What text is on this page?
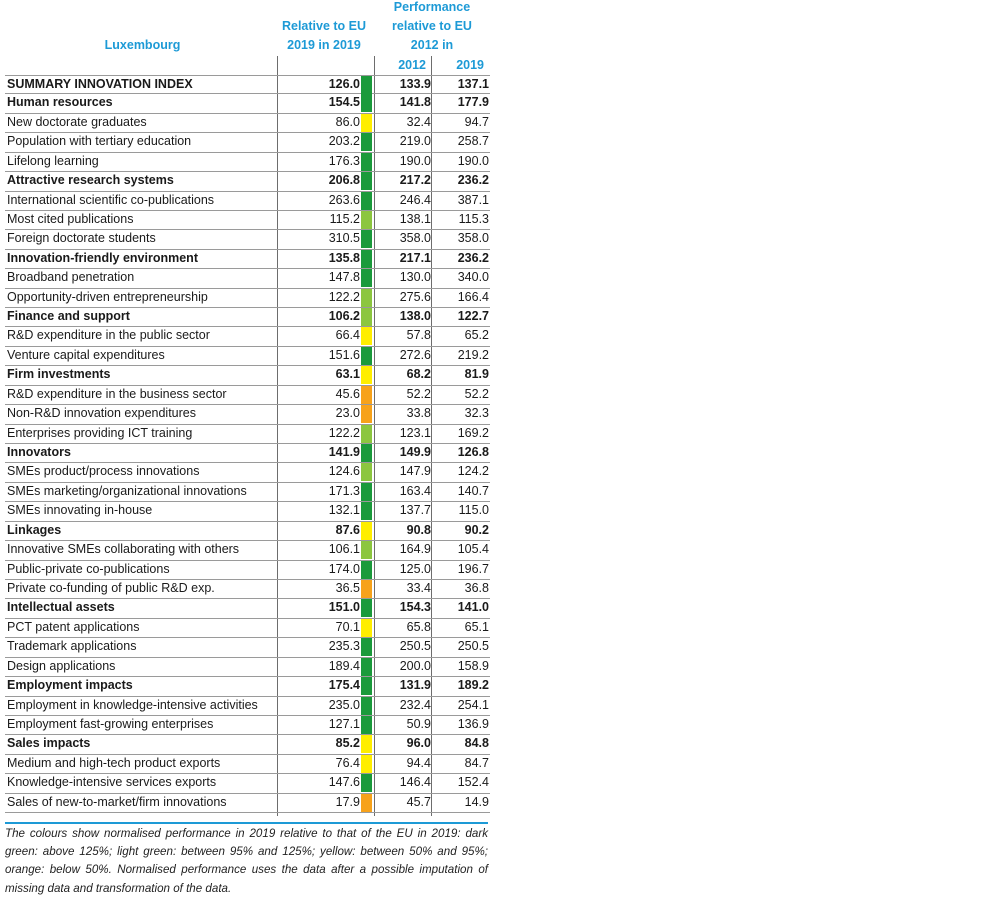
Luxembourg
Relative to EU 2019 in 2019
Performance relative to EU 2012 in
2012	2019
SUMMARY INNOVATION INDEX	126.0	133.9	137.1
Human resources	154.5	141.8	177.9
New doctorate graduates	86.0	32.4	94.7
Population with tertiary education	203.2	219.0	258.7
Lifelong learning	176.3	190.0	190.0
Attractive research systems	206.8	217.2	236.2
International scientific co-publications	263.6	246.4	387.1
Most cited publications	115.2	138.1	115.3
Foreign doctorate students	310.5	358.0	358.0
Innovation-friendly environment	135.8	217.1	236.2
Broadband penetration	147.8	130.0	340.0
Opportunity-driven entrepreneurship	122.2	275.6	166.4
Finance and support	106.2	138.0	122.7
R&D expenditure in the public sector	66.4	57.8	65.2
Venture capital expenditures	151.6	272.6	219.2
Firm investments	63.1	68.2	81.9
R&D expenditure in the business sector	45.6	52.2	52.2
Non-R&D innovation expenditures	23.0	33.8	32.3
Enterprises providing ICT training	122.2	123.1	169.2
Innovators	141.9	149.9	126.8
SMEs product/process innovations	124.6	147.9	124.2
SMEs marketing/organizational innovations	171.3	163.4	140.7
SMEs innovating in-house	132.1	137.7	115.0
Linkages	87.6	90.8	90.2
Innovative SMEs collaborating with others	106.1	164.9	105.4
Public-private co-publications	174.0	125.0	196.7
Private co-funding of public R&D exp.	36.5	33.4	36.8
Intellectual assets	151.0	154.3	141.0
PCT patent applications	70.1	65.8	65.1
Trademark applications	235.3	250.5	250.5
Design applications	189.4	200.0	158.9
Employment impacts	175.4	131.9	189.2
Employment in knowledge-intensive activities	235.0	232.4	254.1
Employment fast-growing enterprises	127.1	50.9	136.9
Sales impacts	85.2	96.0	84.8
Medium and high-tech product exports	76.4	94.4	84.7
Knowledge-intensive services exports	147.6	146.4	152.4
Sales of new-to-market/firm innovations	17.9	45.7	14.9
The colours show normalised performance in 2019 relative to that of the EU in 2019: dark green: above 125%; light green: between 95% and 125%; yellow: between 50% and 95%; orange: below 50%. Normalised performance uses the data after a possible imputation of missing data and transformation of the data.
